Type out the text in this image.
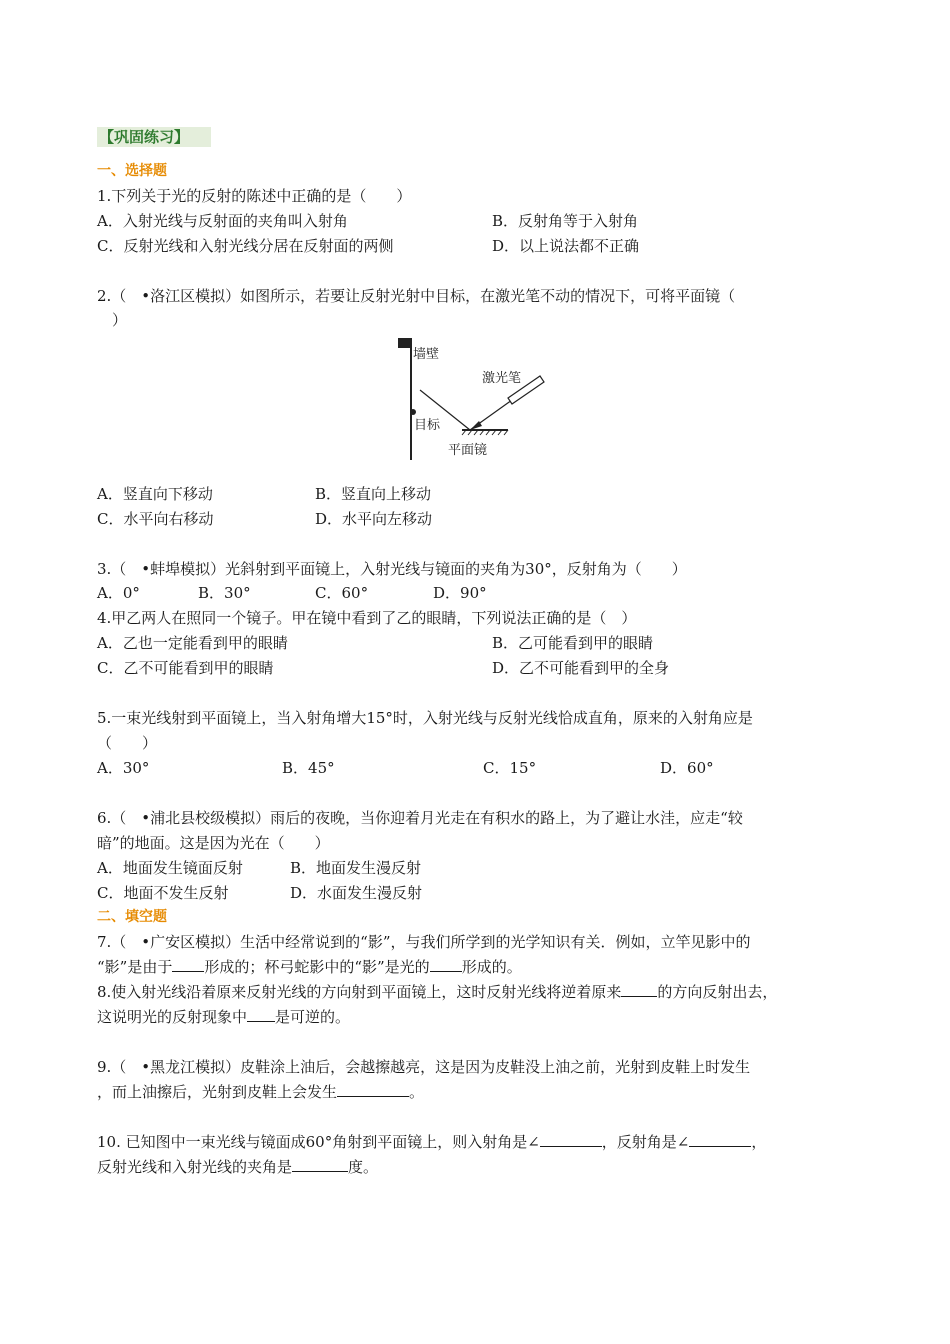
【巩固练习】
一、选择题
1.下列关于光的反射的陈述中正确的是（　　）
A．入射光线与反射面的夹角叫入射角	B．反射角等于入射角
C．反射光线和入射光线分居在反射面的两侧	D．以上说法都不正确
2.（　•洛江区模拟）如图所示，若要让反射光射中目标，在激光笔不动的情况下，可将平面镜（
　）
墙壁
激光笔
目标
平面镜
A．竖直向下移动	B．竖直向上移动
C．水平向右移动	D．水平向左移动
3.（　•蚌埠模拟）光斜射到平面镜上，入射光线与镜面的夹角为30°，反射角为（　　）
A．0°	B．30°	C．60°	D．90°
4.甲乙两人在照同一个镜子。甲在镜中看到了乙的眼睛，下列说法正确的是（　）
A．乙也一定能看到甲的眼睛	B．乙可能看到甲的眼睛
C．乙不可能看到甲的眼睛	D．乙不可能看到甲的全身
5.一束光线射到平面镜上，当入射角增大15°时，入射光线与反射光线恰成直角，原来的入射角应是
（　　）
A．30°	B．45°	C．15°	D．60°
6.（　•浦北县校级模拟）雨后的夜晚，当你迎着月光走在有积水的路上，为了避让水洼，应走“较
暗”的地面。这是因为光在（　　）
A．地面发生镜面反射	B．地面发生漫反射
C．地面不发生反射	D．水面发生漫反射
二、填空题
7.（　•广安区模拟）生活中经常说到的“影”，与我们所学到的光学知识有关．例如，立竿见影中的
“影”是由于 形成的；杯弓蛇影中的“影”是光的 形成的。
8.使入射光线沿着原来反射光线的方向射到平面镜上，这时反射光线将逆着原来 的方向反射出去，
这说明光的反射现象中 是可逆的。
9.（　•黑龙江模拟）皮鞋涂上油后，会越擦越亮，这是因为皮鞋没上油之前，光射到皮鞋上时发生
，而上油擦后，光射到皮鞋上会发生	。
10. 已知图中一束光线与镜面成60°角射到平面镜上，则入射角是∠	，反射角是∠	，
反射光线和入射光线的夹角是	度。
